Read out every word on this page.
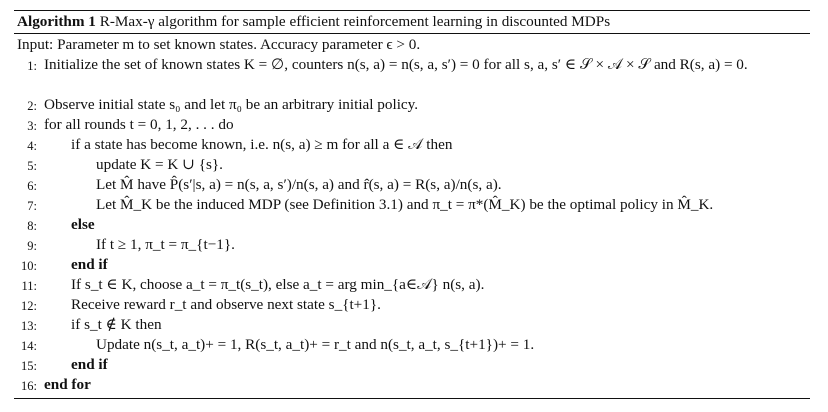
Algorithm 1 R-Max-γ algorithm for sample efficient reinforcement learning in discounted MDPs
Input: Parameter m to set known states. Accuracy parameter ϵ > 0.
1: Initialize the set of known states K = ∅, counters n(s, a) = n(s, a, s′) = 0 for all s, a, s′ ∈ 𝒮 × 𝒜 × 𝒮 and R(s, a) = 0.
2: Observe initial state s₀ and let π₀ be an arbitrary initial policy.
3: for all rounds t = 0, 1, 2, . . . do
4: if a state has become known, i.e. n(s, a) ≥ m for all a ∈ 𝒜 then
5:	update K = K ∪ {s}.
6:	Let M̂ have P̂(s′|s, a) = n(s, a, s′)/n(s, a) and r̂(s, a) = R(s, a)/n(s, a).
7:	Let M̂_K be the induced MDP (see Definition 3.1) and π_t = π*(M̂_K) be the optimal policy in M̂_K.
8: else
9:	If t ≥ 1, π_t = π_{t−1}.
10: end if
11: If s_t ∈ K, choose a_t = π_t(s_t), else a_t = arg min_{a∈𝒜} n(s, a).
12: Receive reward r_t and observe next state s_{t+1}.
13: if s_t ∉ K then
14:	Update n(s_t, a_t)+ = 1, R(s_t, a_t)+ = r_t and n(s_t, a_t, s_{t+1})+ = 1.
15: end if
16: end for
